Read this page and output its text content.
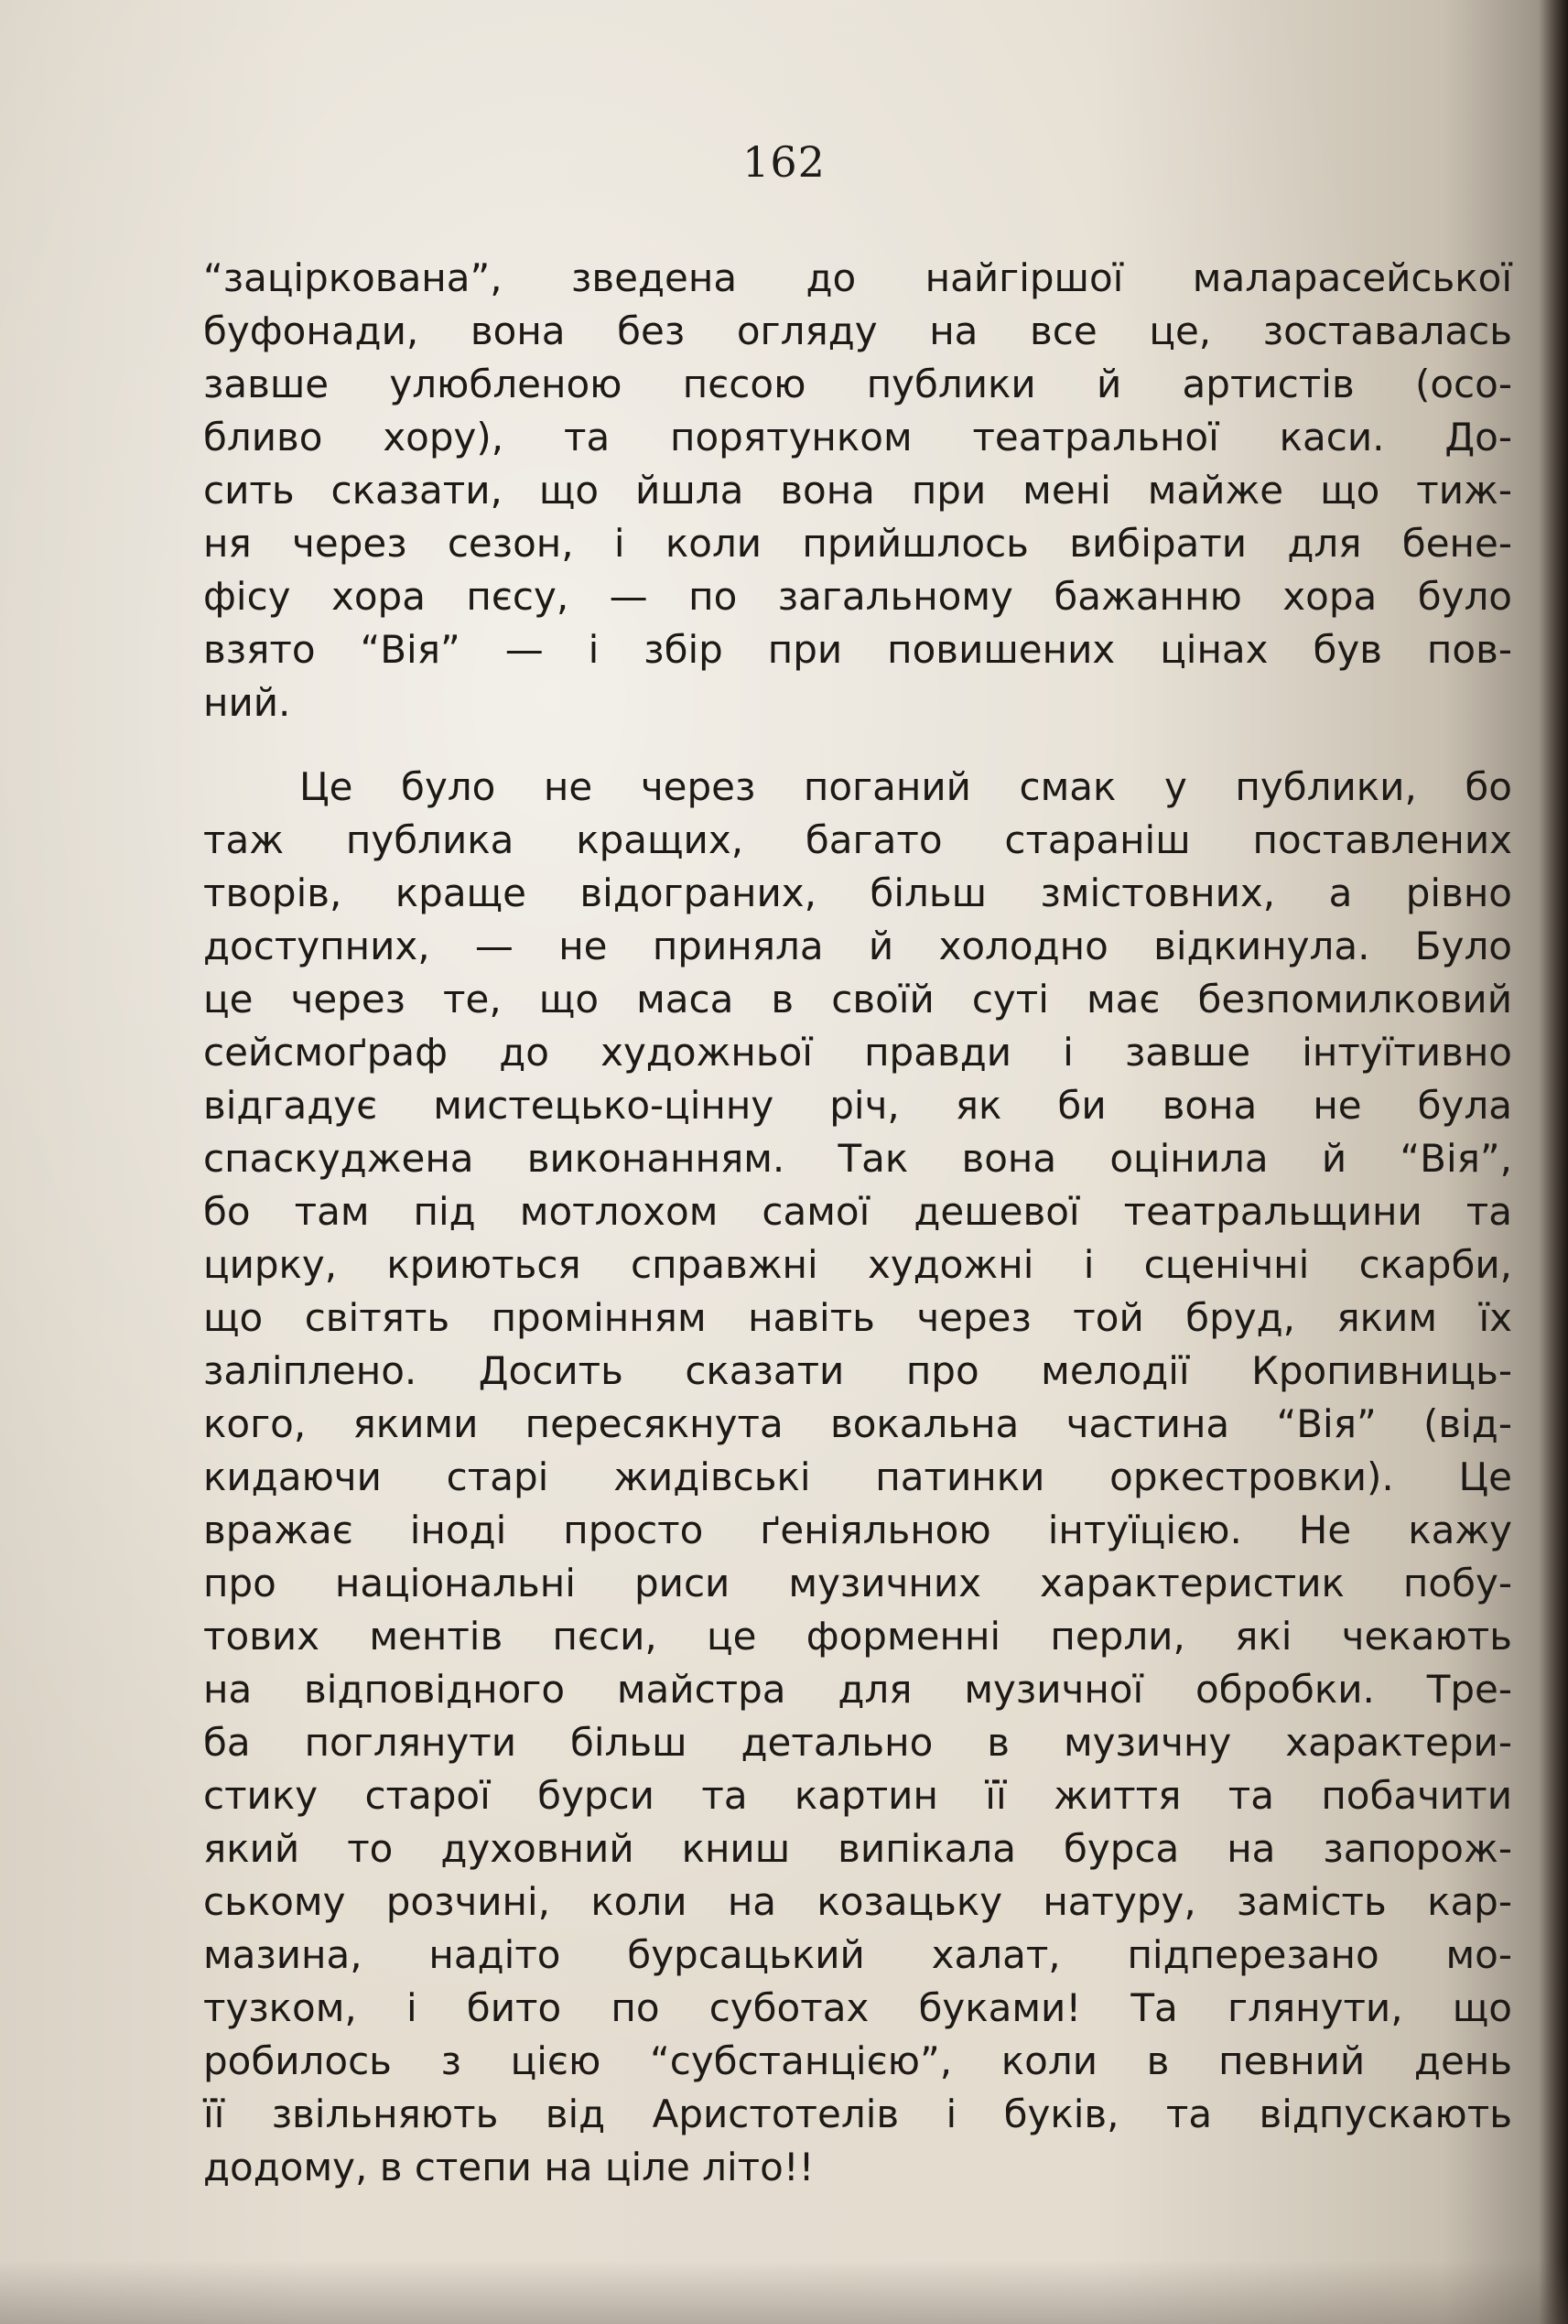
162
“заціркована”, зведена до найгіршої маларасейської
буфонади, вона без огляду на все це, зоставалась
завше улюбленою пєсою публики й артистів (осо-
бливо хору), та порятунком театральної каси. До-
сить сказати, що йшла вона при мені майже що тиж-
ня через сезон, і коли прийшлось вибірати для бене-
фісу хора пєсу, — по загальному бажанню хора було
взято “Вія” — і збір при повишених цінах був пов-
ний.
Це було не через поганий смак у публики, бо
таж публика кращих, багато стараніш поставлених
творів, краще відограних, більш змістовних, а рівно
доступних, — не приняла й холодно відкинула. Було
це через те, що маса в своїй суті має безпомилковий
сейсмоґраф до художньої правди і завше інтуїтивно
відгадує мистецько-цінну річ, як би вона не була
спаскуджена виконанням. Так вона оцінила й “Вія”,
бо там під мотлохом самої дешевої театральщини та
цирку, криються справжні художні і сценічні скарби,
що світять промінням навіть через той бруд, яким їх
заліплено. Досить сказати про мелодії Кропивниць-
кого, якими пересякнута вокальна частина “Вія” (від-
кидаючи старі жидівські патинки оркестровки). Це
вражає іноді просто ґеніяльною інтуїцією. Не кажу
про національні риси музичних характеристик побу-
тових ментів пєси, це форменні перли, які чекають
на відповідного майстра для музичної обробки. Тре-
ба поглянути більш детально в музичну характери-
стику старої бурси та картин її життя та побачити
який то духовний книш випікала бурса на запорож-
ському розчині, коли на козацьку натуру, замість кар-
мазина, надіто бурсацький халат, підперезано мо-
тузком, і бито по суботах буками! Та глянути, що
робилось з цією “субстанцією”, коли в певний день
її звільняють від Аристотелів і буків, та відпускають
додому, в степи на ціле літо!!
